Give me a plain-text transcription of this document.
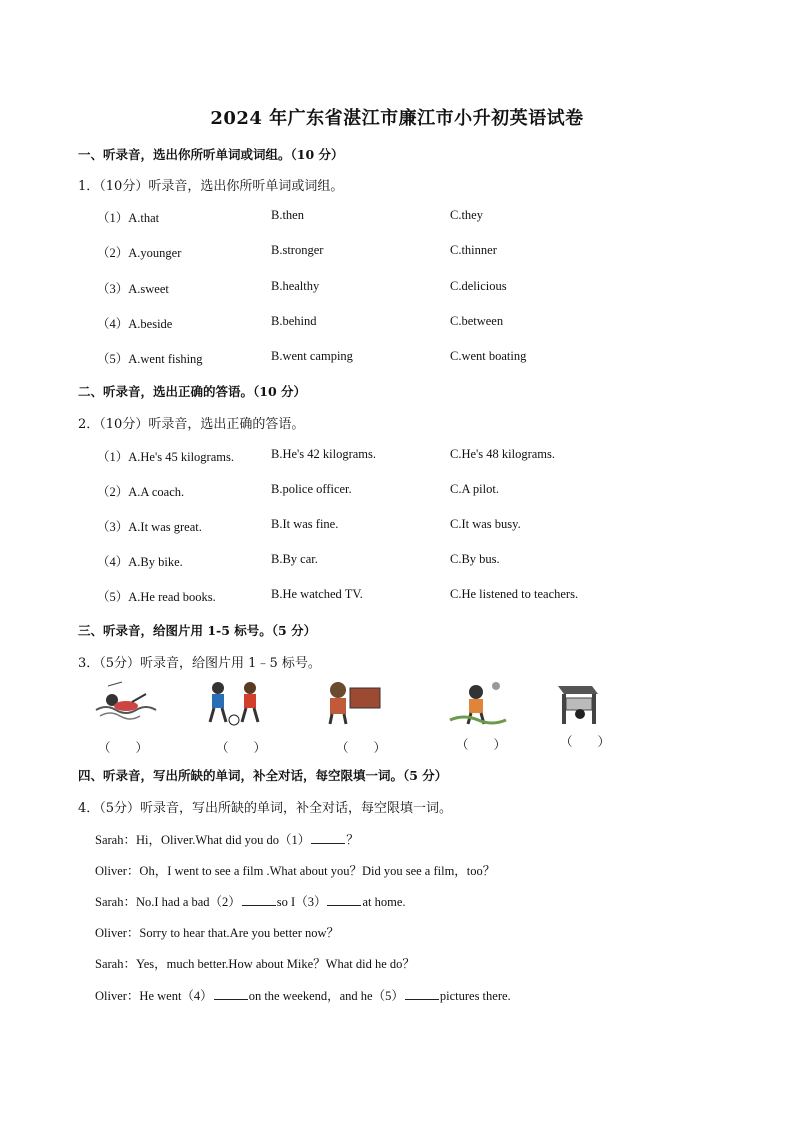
2024 年广东省湛江市廉江市小升初英语试卷
一、听录音，选出你所听单词或词组。（10 分）
1．（10分）听录音，选出你所听单词或词组。
（1）A.that	B.then	C.they
（2）A.younger	B.stronger	C.thinner
（3）A.sweet	B.healthy	C.delicious
（4）A.beside	B.behind	C.between
（5）A.went fishing	B.went camping	C.went boating
二、听录音，选出正确的答语。（10 分）
2．（10分）听录音，选出正确的答语。
（1）A.He's 45 kilograms.	B.He's 42 kilograms.	C.He's 48 kilograms.
（2）A.A coach.	B.police officer.	C.A pilot.
（3）A.It was great.	B.It was fine.	C.It was busy.
（4）A.By bike.	B.By car.	C.By bus.
（5）A.He read books.	B.He watched TV.	C.He listened to teachers.
三、听录音，给图片用 1-5 标号。（5 分）
3．（5分）听录音，给图片用 1﹣5 标号。
（　　）	（　　）	（　　）	（　　）	（　　）
四、听录音，写出所缺的单词，补全对话，每空限填一词。（5 分）
4．（5分）听录音，写出所缺的单词，补全对话，每空限填一词。
Sarah：Hi，Oliver.What did you do（1）	？
Oliver：Oh，I went to see a film .What about you？Did you see a film，too？
Sarah：No.I had a bad（2）	so I（3）	at home.
Oliver：Sorry to hear that.Are you better now？
Sarah：Yes，much better.How about Mike？What did he do？
Oliver：He went（4）	on the weekend，and he（5）	pictures there.
